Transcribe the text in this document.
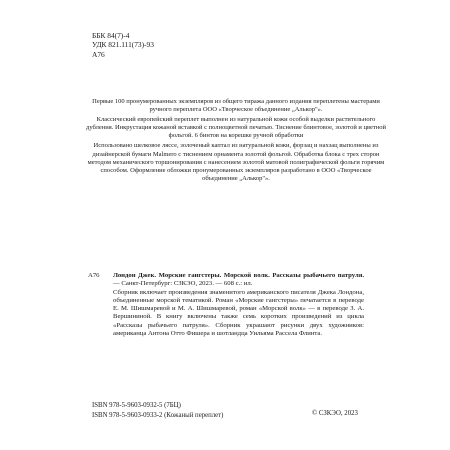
ББК 84(7)-4
УДК 821.111(73)-93
А76

Первые 100 пронумерованных экземпляров из общего тиража данного издания переплетены мастерами ручного переплета ООО «Творческое объединение „Алькор"».

Классический европейский переплет выполнен из натуральной кожи особой выделки растительного дубления. Инкрустация кожаной вставкой с полноцветной печатью. Тиснение блинтовое, золотой и цветной фольгой. 6 бинтов на корешке ручной обработки

Использовано шелковое ляссе, золоченый каптал из натуральной кожи, форзац и нахзац выполнены из дизайнерской бумаги Malmero с тиснением орнамента золотой фольгой. Обработка блока с трех сторон методом механического торшонирования с нанесением золотой матовой полиграфической фольги горячим способом. Оформление обложки пронумерованных экземпляров разработано в ООО «Творческое объединение „Алькор"».

А76 Лондон Джек. Морские гангстеры. Морской волк. Рассказы рыбачьего патруля. — Санкт-Петербург: СЗКЭО, 2023. — 608 с.: ил.

Сборник включает произведения знаменитого американского писателя Джека Лондона, объединенные морской тематикой. Роман «Морские гангстеры» печатается в переводе Е. М. Шишмаревой и М. А. Шишмаревой, роман «Морской волк» — в переводе З. А. Вершининой. В книгу включены также семь коротких произведений из цикла «Рассказы рыбачьего патруля». Сборник украшают рисунки двух художников: американца Антона Отто Фишера и шотландца Уильяма Рассела Флинта.

ISBN 978-5-9603-0932-5 (7БЦ)
ISBN 978-5-9603-0933-2 (Кожаный переплет)	© СЗКЭО, 2023
